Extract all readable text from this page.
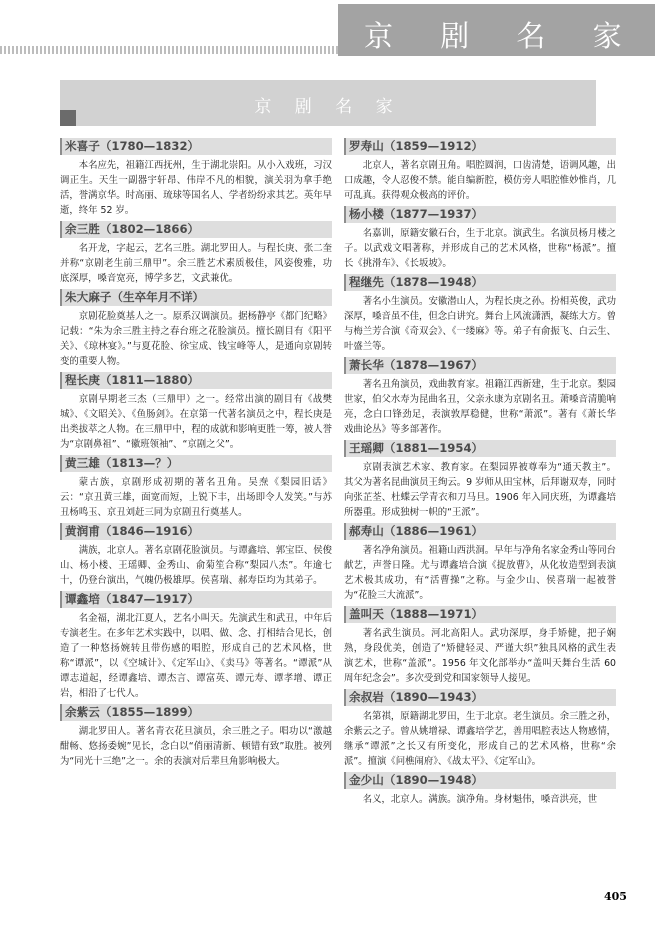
京 剧 名 家
京 剧 名 家
米喜子（1780—1832）

本名应先，祖籍江西抚州，生于湖北崇阳。从小入戏班，习汉调正生。天生一副器宇轩昂、伟岸不凡的相貌，演关羽为拿手绝活，誉满京华。时高丽、琉球等国名人、学者纷纷求其艺。英年早逝，终年 52 岁。

余三胜（1802—1866）

名开龙，字起云，艺名三胜。湖北罗田人。与程长庚、张二奎并称“京剧老生前三鼎甲”。余三胜艺术素质极佳，风姿俊雅，功底深厚，嗓音宽亮，博学多艺，文武兼优。

朱大麻子（生卒年月不详）

京剧花脸奠基人之一。原系汉调演员。据杨静亭《都门纪略》记载：“朱为余三胜主持之春台班之花脸演员。擅长剧目有《阳平关》、《琼林宴》。”与夏花脸、徐宝成、钱宝峰等人，是通向京剧转变的重要人物。

程长庚（1811—1880）

京剧早期老三杰（三鼎甲）之一。经常出演的剧目有《战樊城》、《文昭关》、《鱼肠剑》。在京第一代著名演员之中，程长庚是出类拔萃之人物。在三鼎甲中，程的成就和影响更胜一筹，被人誉为“京剧鼻祖”、“徽班领袖”、“京剧之父”。

黄三雄（1813—？）

蒙古族，京剧形成初期的著名丑角。吴焘《梨园旧话》云：“京丑黄三雄，面宽而短，上锐下丰，出场即令人发笑。”与苏丑杨鸣玉、京丑刘赶三同为京剧丑行奠基人。

黄润甫（1846—1916）

满族，北京人。著名京剧花脸演员。与谭鑫培、郭宝臣、侯俊山、杨小楼、王瑶卿、金秀山、俞菊笙合称“梨园八杰”。年逾七十，仍登台演出，气魄仍极雄厚。侯喜瑞、郝寿臣均为其弟子。

谭鑫培（1847—1917）

名金福，湖北江夏人，艺名小叫天。先演武生和武丑，中年后专演老生。在多年艺术实践中，以唱、做、念、打相结合见长，创造了一种悠扬婉转且带伤感的唱腔，形成自己的艺术风格，世称“谭派”，以《空城计》、《定军山》、《卖马》等著名。“谭派”从谭志道起，经谭鑫培、谭杰言、谭富英、谭元寿、谭孝增、谭正岩，相沿了七代人。

余紫云（1855—1899）

湖北罗田人。著名青衣花旦演员，余三胜之子。唱功以“激越酣畅、悠扬委婉”见长，念白以“俏丽清新、顿错有致”取胜。被列为“同光十三绝”之一。余的表演对后辈旦角影响极大。

罗寿山（1859—1912）

北京人，著名京剧丑角。唱腔圆润，口齿清楚，语调风趣，出口成趣，令人忍俊不禁。能自编新腔，模仿旁人唱腔惟妙惟肖，几可乱真。获得观众极高的评价。

杨小楼（1877—1937）

名嘉训，原籍安徽石台，生于北京。演武生。名演员杨月楼之子。以武戏文唱著称，并形成自己的艺术风格，世称“杨派”。擅长《挑滑车》、《长坂坡》。

程继先（1878—1948）

著名小生演员。安徽潜山人，为程长庚之孙。扮相英俊，武功深厚，嗓音虽不佳，但念白讲究。舞台上风流潇洒，凝练大方。曾与梅兰芳合演《奇双会》、《一缕麻》等。弟子有俞振飞、白云生、叶盛兰等。

萧长华（1878—1967）

著名丑角演员，戏曲教育家。祖籍江西新建，生于北京。梨园世家，伯父水寿为昆曲名丑，父亲永康为京剧名丑。萧嗓音清脆响亮，念白口锋劲足，表演敦厚稳健，世称“萧派”。著有《萧长华戏曲论丛》等多部著作。

王瑶卿（1881—1954）

京剧表演艺术家、教育家。在梨园界被尊奉为“通天教主”。其父为著名昆曲演员王绚云。9 岁师从田宝林，后拜谢双寿，同时向张芷荃、杜蝶云学青衣和刀马旦。1906 年入同庆班，为谭鑫培所器重。形成独树一帜的“王派”。

郝寿山（1886—1961）

著名净角演员。祖籍山西洪洞。早年与净角名家金秀山等同台献艺，声誉日隆。尤与谭鑫培合演《捉放曹》，从化妆造型到表演艺术极其成功，有“活曹操”之称。与金少山、侯喜瑞一起被誉为“花脸三大流派”。

盖叫天（1888—1971）

著名武生演员。河北高阳人。武功深厚，身手矫健，把子娴熟，身段优美，创造了“矫健轻灵、严谨大织”独具风格的武生表演艺术，世称“盖派”。1956 年文化部举办“盖叫天舞台生活 60 周年纪念会”。多次受到党和国家领导人接见。

余叔岩（1890—1943）

名第祺，原籍湖北罗田，生于北京。老生演员。余三胜之孙，余紫云之子。曾从姚增禄、谭鑫培学艺，善用唱腔表达人物感情，继承“谭派”之长又有所变化，形成自己的艺术风格，世称“余派”。擅演《问樵闹府》、《战太平》、《定军山》。

金少山（1890—1948）

名义，北京人。满族。演净角。身材魁伟，嗓音洪亮，世

405
